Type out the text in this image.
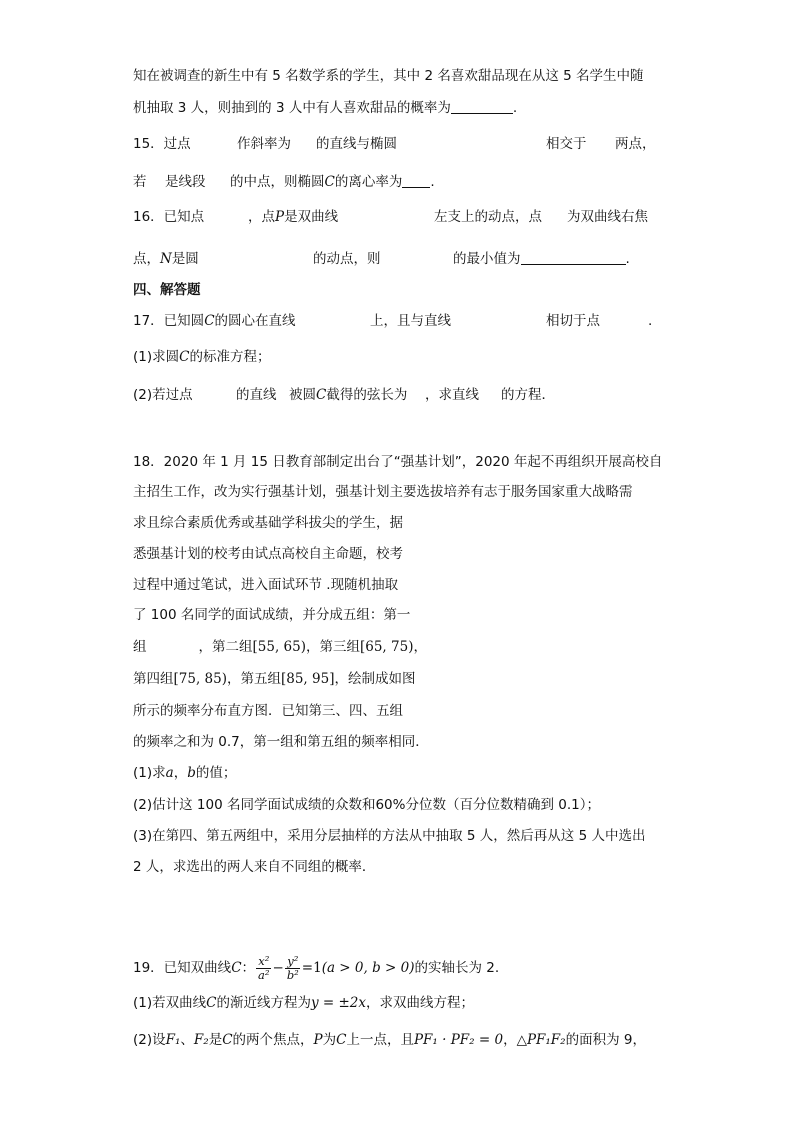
知在被调查的新生中有 5 名数学系的学生，其中 2 名喜欢甜品现在从这 5 名学生中随
机抽取 3 人，则抽到的 3 人中有人喜欢甜品的概率为	.
15．过点	作斜率为 的直线与椭圆	相交于 两点，
若 是线段 的中点，则椭圆C的离心率为 .
16．已知点	，点P是双曲线	左支上的动点，点 为双曲线右焦
点，N是圆	的动点，则	的最小值为	.
四、解答题
17．已知圆C的圆心在直线	上，且与直线	相切于点	.
(1)求圆C的标准方程；
(2)若过点	的直线 被圆C截得的弦长为 ，求直线 的方程．
18．2020 年 1 月 15 日教育部制定出台了“强基计划”，2020 年起不再组织开展高校自
主招生工作，改为实行强基计划，强基计划主要选拔培养有志于服务国家重大战略需
求且综合素质优秀或基础学科拔尖的学生，据
悉强基计划的校考由试点高校自主命题，校考
过程中通过笔试，进入面试环节 .现随机抽取
了 100 名同学的面试成绩，并分成五组：第一
组	，第二组[55, 65)，第三组[65, 75)，
第四组[75, 85)，第五组[85, 95]，绘制成如图
所示的频率分布直方图．已知第三、四、五组
的频率之和为 0.7，第一组和第五组的频率相同．
(1)求a，b的值；
(2)估计这 100 名同学面试成绩的众数和60%分位数（百分位数精确到 0.1）；
(3)在第四、第五两组中，采用分层抽样的方法从中抽取 5 人，然后再从这 5 人中选出
2 人，求选出的两人来自不同组的概率．
19．已知双曲线C： $\frac{\text{x²}}{\text{a²}} - \frac{\text{y²}}{\text{b²}} =1(a > 0$, b > 0)的实轴长为 2.
(1)若双曲线C的渐近线方程为y = ±2x，求双曲线方程；
(2)设F₁、F₂是C的两个焦点，P为C上一点，且PF₁ · PF₂ = 0，△PF₁F₂的面积为 9，
